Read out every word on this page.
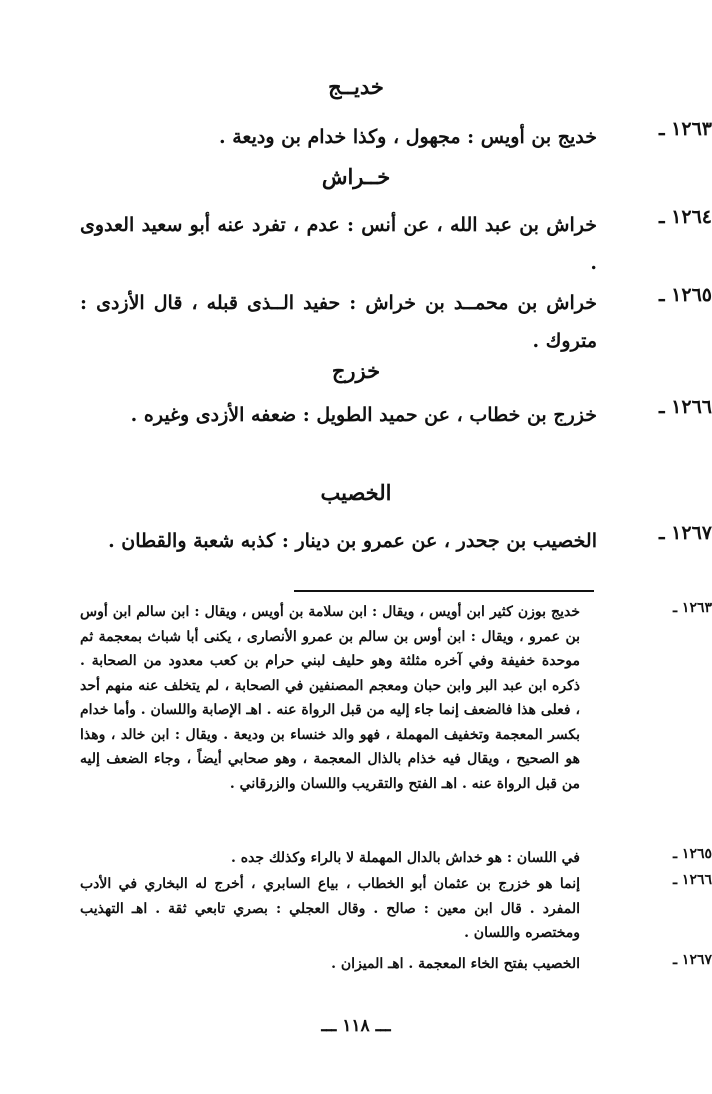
خديــج
١٢٦٣ ـ
خديج بن أويس : مجهول ، وكذا خدام بن وديعة .
خــراش
١٢٦٤ ـ
خراش بن عبد الله ، عن أنس : عدم ، تفرد عنه أبو سعيد العدوى .
١٢٦٥ ـ
خراش بن محمــد بن خراش : حفيد الــذى قبله ، قال الأزدى : متروك .
خزرج
١٢٦٦ ـ
خزرج بن خطاب ، عن حميد الطويل : ضعفه الأزدى وغيره .
الخصيب
١٢٦٧ ـ
الخصيب بن جحدر ، عن عمرو بن دينار : كذبه شعبة والقطان .
١٢٦٣ ـ
خديج بوزن كثير ابن أويس ، ويقال : ابن سلامة بن أويس ، ويقال : ابن سالم ابن أوس بن عمرو ، ويقال : ابن أوس بن سالم بن عمرو الأنصارى ، يكنى أبا شباث بمعجمة ثم موحدة خفيفة وفي آخره مثلثة وهو حليف لبني حرام بن كعب معدود من الصحابة . ذكره ابن عبد البر وابن حبان ومعجم المصنفين في الصحابة ، لم يتخلف عنه منهم أحد ، فعلى هذا فالضعف إنما جاء إليه من قبل الرواة عنه . اهـ الإصابة واللسان . وأما خدام بكسر المعجمة وتخفيف المهملة ، فهو والد خنساء بن وديعة . ويقال : ابن خالد ، وهذا هو الصحيح ، ويقال فيه خذام بالذال المعجمة ، وهو صحابي أيضاً ، وجاء الضعف إليه من قبل الرواة عنه . اهـ الفتح والتقريب واللسان والزرقاني .
١٢٦٥ ـ
في اللسان : هو خداش بالدال المهملة لا بالراء وكذلك جده .
١٢٦٦ ـ
إنما هو خزرج بن عثمان أبو الخطاب ، بياع السابري ، أخرج له البخاري في الأدب المفرد . قال ابن معين : صالح . وقال العجلي : بصري تابعي ثقة . اهـ التهذيب ومختصره واللسان .
١٢٦٧ ـ
الخصيب بفتح الخاء المعجمة . اهـ الميزان .
ـــ ١١٨ ـــ
